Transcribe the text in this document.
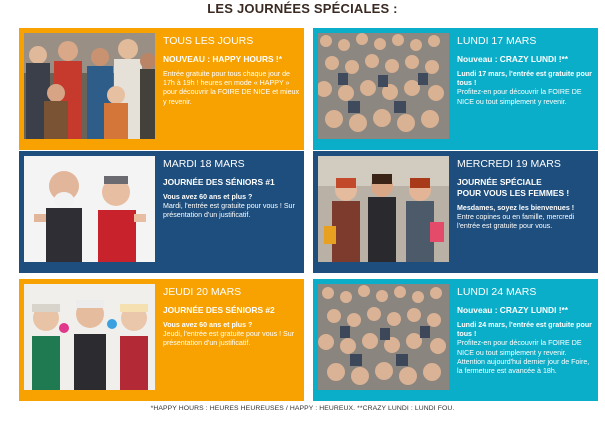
LES JOURNÉES SPÉCIALES :
TOUS LES JOURS
NOUVEAU : HAPPY HOURS !*
Entrée gratuite pour tous chaque jour de 17h à 19h ! heures en mode « HAPPY » pour découvrir la FOIRE DE NICE et mieux y revenir.
LUNDI 17 MARS
Nouveau : CRAZY LUNDI !**
Lundi 17 mars, l'entrée est gratuite pour tous !
Profitez-en pour découvrir la FOIRE DE NICE ou tout simplement y revenir.
MARDI 18 MARS
JOURNÉE DES SÉNIORS #1
Vous avez 60 ans et plus ?
Mardi, l'entrée est gratuite pour vous ! Sur présentation d'un justificatif.
MERCREDI 19 MARS
JOURNÉE SPÉCIALE
POUR VOUS LES FEMMES !
Mesdames, soyez les bienvenues !
Entre copines ou en famille, mercredi l'entrée est gratuite pour vous.
JEUDI 20 MARS
JOURNÉE DES SÉNIORS #2
Vous avez 60 ans et plus ?
Jeudi, l'entrée est gratuite pour vous ! Sur présentation d'un justificatif.
LUNDI 24 MARS
Nouveau : CRAZY LUNDI !**
Lundi 24 mars, l'entrée est gratuite pour tous !
Profitez-en pour découvrir la FOIRE DE NICE ou tout simplement y revenir. Attention aujourd'hui dernier jour de Foire, la fermeture est avancée à 18h.
*HAPPY HOURS : HEURES HEUREUSES / HAPPY : HEUREUX. **CRAZY LUNDI : LUNDI FOU.
